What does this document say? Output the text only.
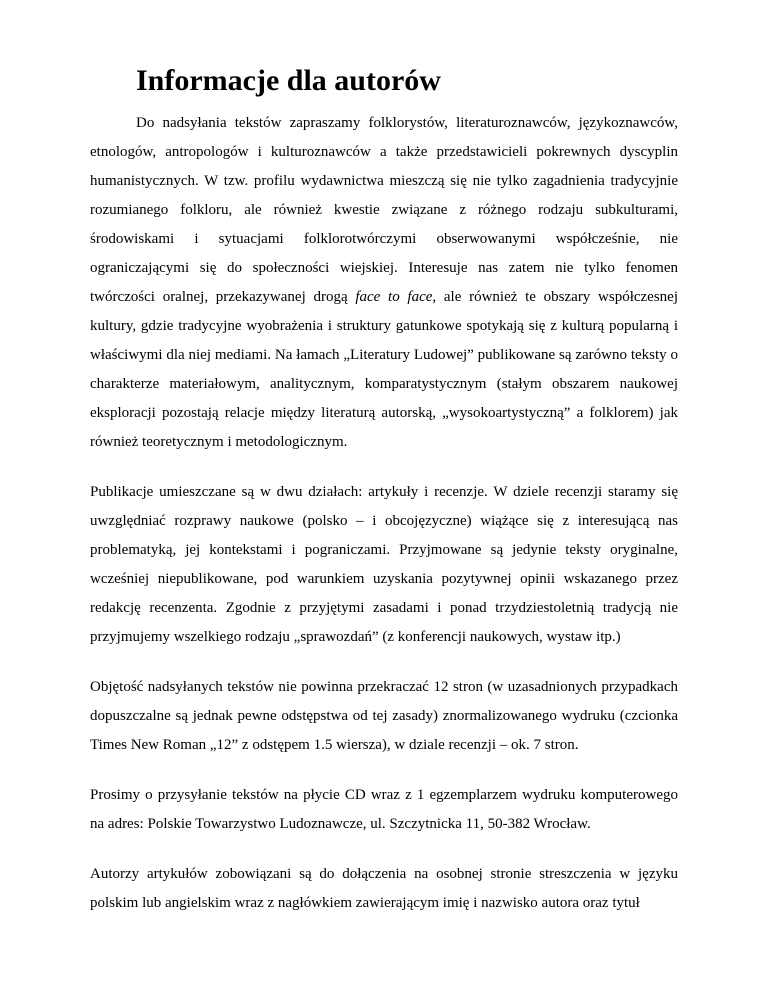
Informacje dla autorów

Do nadsyłania tekstów zapraszamy folklorystów, literaturoznawców, językoznawców, etnologów, antropologów i kulturoznawców a także przedstawicieli pokrewnych dyscyplin humanistycznych. W tzw. profilu wydawnictwa mieszczą się nie tylko zagadnienia tradycyjnie rozumianego folkloru, ale również kwestie związane z różnego rodzaju subkulturami, środowiskami i sytuacjami folklorotwórczymi obserwowanymi współcześnie, nie ograniczającymi się do społeczności wiejskiej. Interesuje nas zatem nie tylko fenomen twórczości oralnej, przekazywanej drogą face to face, ale również te obszary współczesnej kultury, gdzie tradycyjne wyobrażenia i struktury gatunkowe spotykają się z kulturą popularną i właściwymi dla niej mediami. Na łamach „Literatury Ludowej” publikowane są zarówno teksty o charakterze materiałowym, analitycznym, komparatystycznym (stałym obszarem naukowej eksploracji pozostają relacje między literaturą autorską, „wysokoartystyczną” a folklorem) jak również teoretycznym i metodologicznym.

Publikacje umieszczane są w dwu działach: artykuły i recenzje. W dziele recenzji staramy się uwzględniać rozprawy naukowe (polsko – i obcojęzyczne) wiążące się z interesującą nas problematyką, jej kontekstami i pograniczami. Przyjmowane są jedynie teksty oryginalne, wcześniej niepublikowane, pod warunkiem uzyskania pozytywnej opinii wskazanego przez redakcję recenzenta. Zgodnie z przyjętymi zasadami i ponad trzydziestoletnią tradycją nie przyjmujemy wszelkiego rodzaju „sprawozdań” (z konferencji naukowych, wystaw itp.)

Objętość nadsyłanych tekstów nie powinna przekraczać 12 stron (w uzasadnionych przypadkach dopuszczalne są jednak pewne odstępstwa od tej zasady) znormalizowanego wydruku (czcionka Times New Roman „12” z odstępem 1.5 wiersza), w dziale recenzji – ok. 7 stron.

Prosimy o przysyłanie tekstów na płycie CD wraz z 1 egzemplarzem wydruku komputerowego na adres: Polskie Towarzystwo Ludoznawcze, ul. Szczytnicka 11, 50-382 Wrocław.

Autorzy artykułów zobowiązani są do dołączenia na osobnej stronie streszczenia w języku polskim lub angielskim wraz z nagłówkiem zawierającym imię i nazwisko autora oraz tytuł
